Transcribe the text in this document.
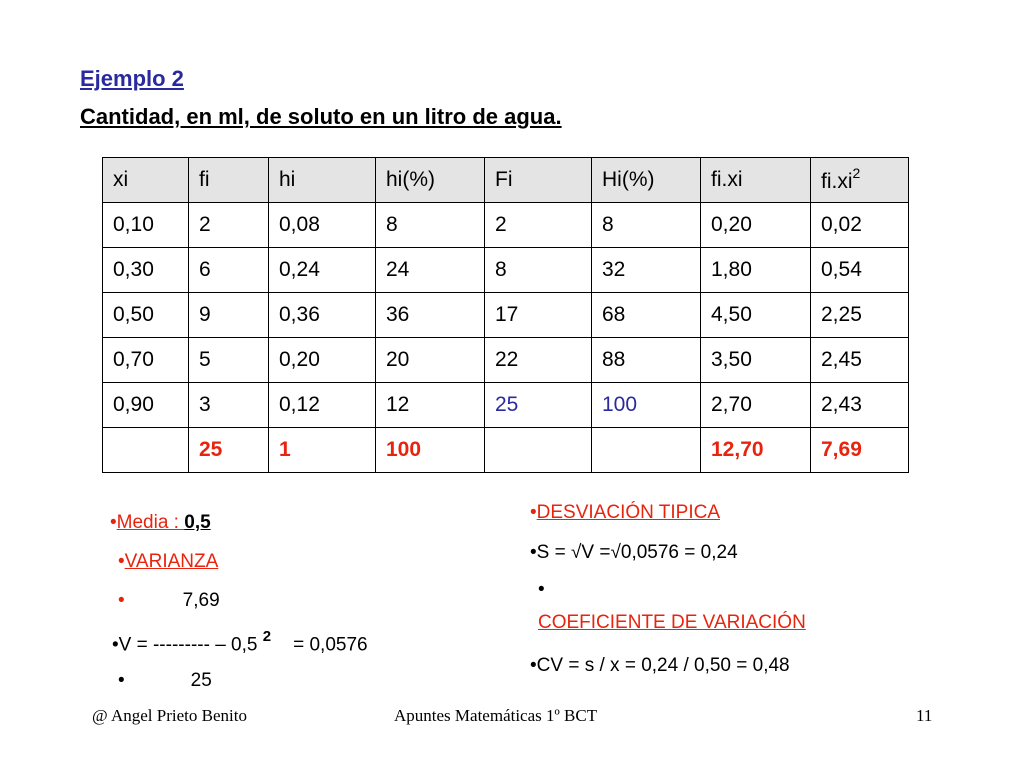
Ejemplo 2
Cantidad, en ml, de soluto en un litro de agua.
xi	fi	hi	hi(%)	Fi	Hi(%)	fi.xi	$fi.xi^2$
0,10	2	0,08	8	2	8	0,20	0,02
0,30	6	0,24	24	8	32	1,80	0,54
0,50	9	0,36	36	17	68	4,50	2,25
0,70	5	0,20	20	22	88	3,50	2,45
0,90	3	0,12	12	25	100	2,70	2,43
	25	1	100			12,70	7,69
•Media : 0,5
•VARIANZA
•	7,69
•V = --------- – 0,5 $^2$ = 0,0576
•	25
•DESVIACIÓN TIPICA
•S = √V =√0,0576 = 0,24
•
COEFICIENTE DE VARIACIÓN
•CV = s / x = 0,24 / 0,50 = 0,48
@ Angel Prieto Benito	Apuntes Matemáticas 1º BCT	11
